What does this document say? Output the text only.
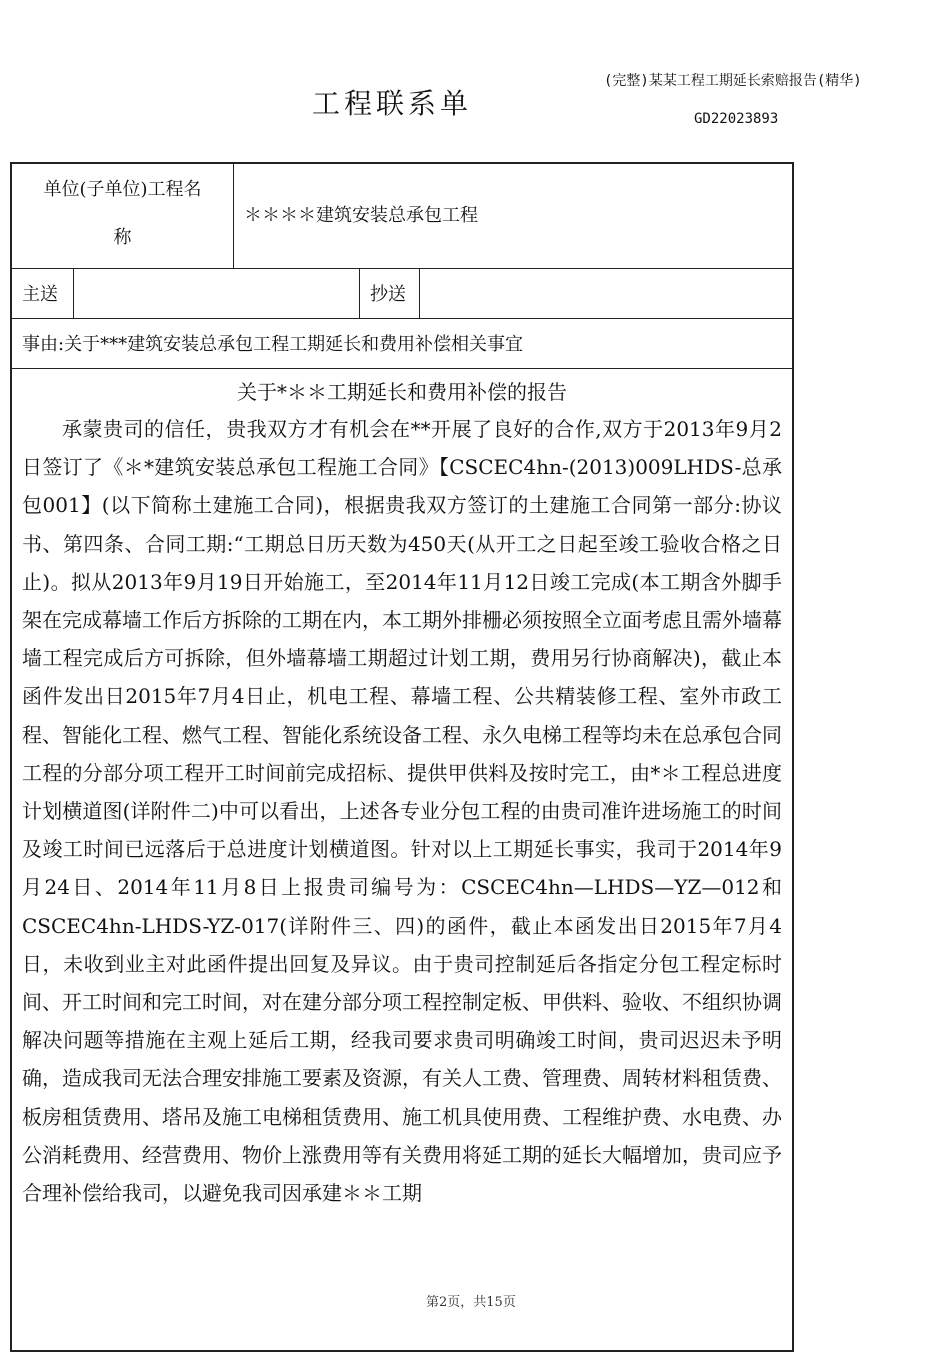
(完整)某某工程工期延长索赔报告(精华)
工程联系单	GD22023893
单位(子单位)工程名
称
＊＊＊＊建筑安装总承包工程
主送	抄送
事由:关于***建筑安装总承包工程工期延长和费用补偿相关事宜
关于*＊＊工期延长和费用补偿的报告

承蒙贵司的信任，贵我双方才有机会在**开展了良好的合作,双方于2013年9月2日签订了《＊*建筑安装总承包工程施工合同》【CSCEC4hn-(2013)009LHDS-总承包001】(以下简称土建施工合同)，根据贵我双方签订的土建施工合同第一部分:协议书、第四条、合同工期:“工期总日历天数为450天(从开工之日起至竣工验收合格之日止)。拟从2013年9月19日开始施工，至2014年11月12日竣工完成(本工期含外脚手架在完成幕墙工作后方拆除的工期在内，本工期外排栅必须按照全立面考虑且需外墙幕墙工程完成后方可拆除，但外墙幕墙工期超过计划工期，费用另行协商解决)，截止本函件发出日2015年7月4日止，机电工程、幕墙工程、公共精装修工程、室外市政工程、智能化工程、燃气工程、智能化系统设备工程、永久电梯工程等均未在总承包合同工程的分部分项工程开工时间前完成招标、提供甲供料及按时完工，由*＊工程总进度计划横道图(详附件二)中可以看出，上述各专业分包工程的由贵司准许进场施工的时间及竣工时间已远落后于总进度计划横道图。针对以上工期延长事实，我司于2014年9月24日、2014年11月8日上报贵司编号为：CSCEC4hn—LHDS—YZ—012和CSCEC4hn-LHDS-YZ-017(详附件三、四)的函件，截止本函发出日2015年7月4日，未收到业主对此函件提出回复及异议。由于贵司控制延后各指定分包工程定标时间、开工时间和完工时间，对在建分部分项工程控制定板、甲供料、验收、不组织协调解决问题等措施在主观上延后工期，经我司要求贵司明确竣工时间，贵司迟迟未予明确，造成我司无法合理安排施工要素及资源，有关人工费、管理费、周转材料租赁费、板房租赁费用、塔吊及施工电梯租赁费用、施工机具使用费、工程维护费、水电费、办公消耗费用、经营费用、物价上涨费用等有关费用将延工期的延长大幅增加，贵司应予合理补偿给我司，以避免我司因承建＊＊工期

第2页，共15页
